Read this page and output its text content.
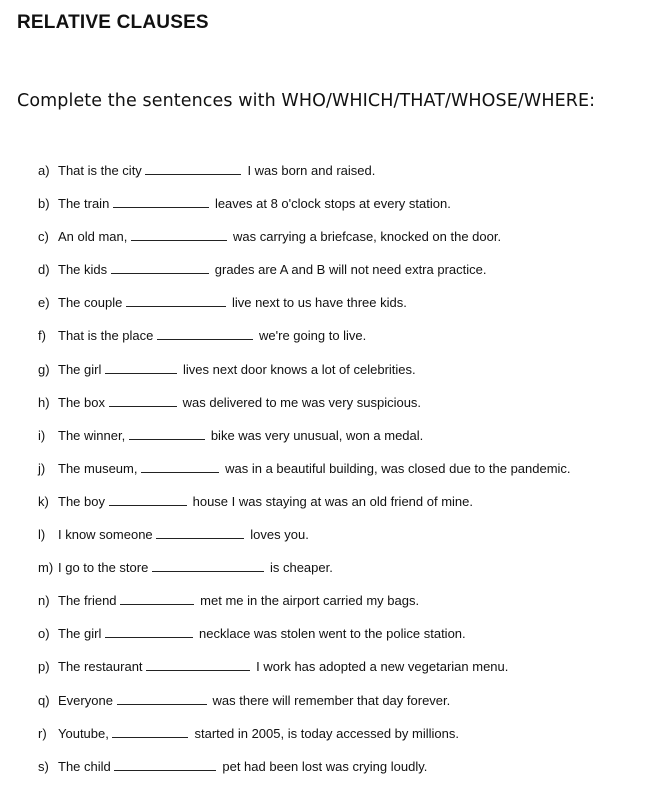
RELATIVE CLAUSES
Complete the sentences with WHO/WHICH/THAT/WHOSE/WHERE:
a) That is the city	I was born and raised.
b) The train	leaves at 8 o'clock stops at every station.
c) An old man,	was carrying a briefcase, knocked on the door.
d) The kids	grades are A and B will not need extra practice.
e) The couple	live next to us have three kids.
f) That is the place	we're going to live.
g) The girl	lives next door knows a lot of celebrities.
h) The box	was delivered to me was very suspicious.
i) The winner,	bike was very unusual, won a medal.
j) The museum,	was in a beautiful building, was closed due to the pandemic.
k) The boy	house I was staying at was an old friend of mine.
l) I know someone	loves you.
m) I go to the store	is cheaper.
n) The friend	met me in the airport carried my bags.
o) The girl	necklace was stolen went to the police station.
p) The restaurant	I work has adopted a new vegetarian menu.
q) Everyone	was there will remember that day forever.
r) Youtube,	started in 2005, is today accessed by millions.
s) The child	pet had been lost was crying loudly.
